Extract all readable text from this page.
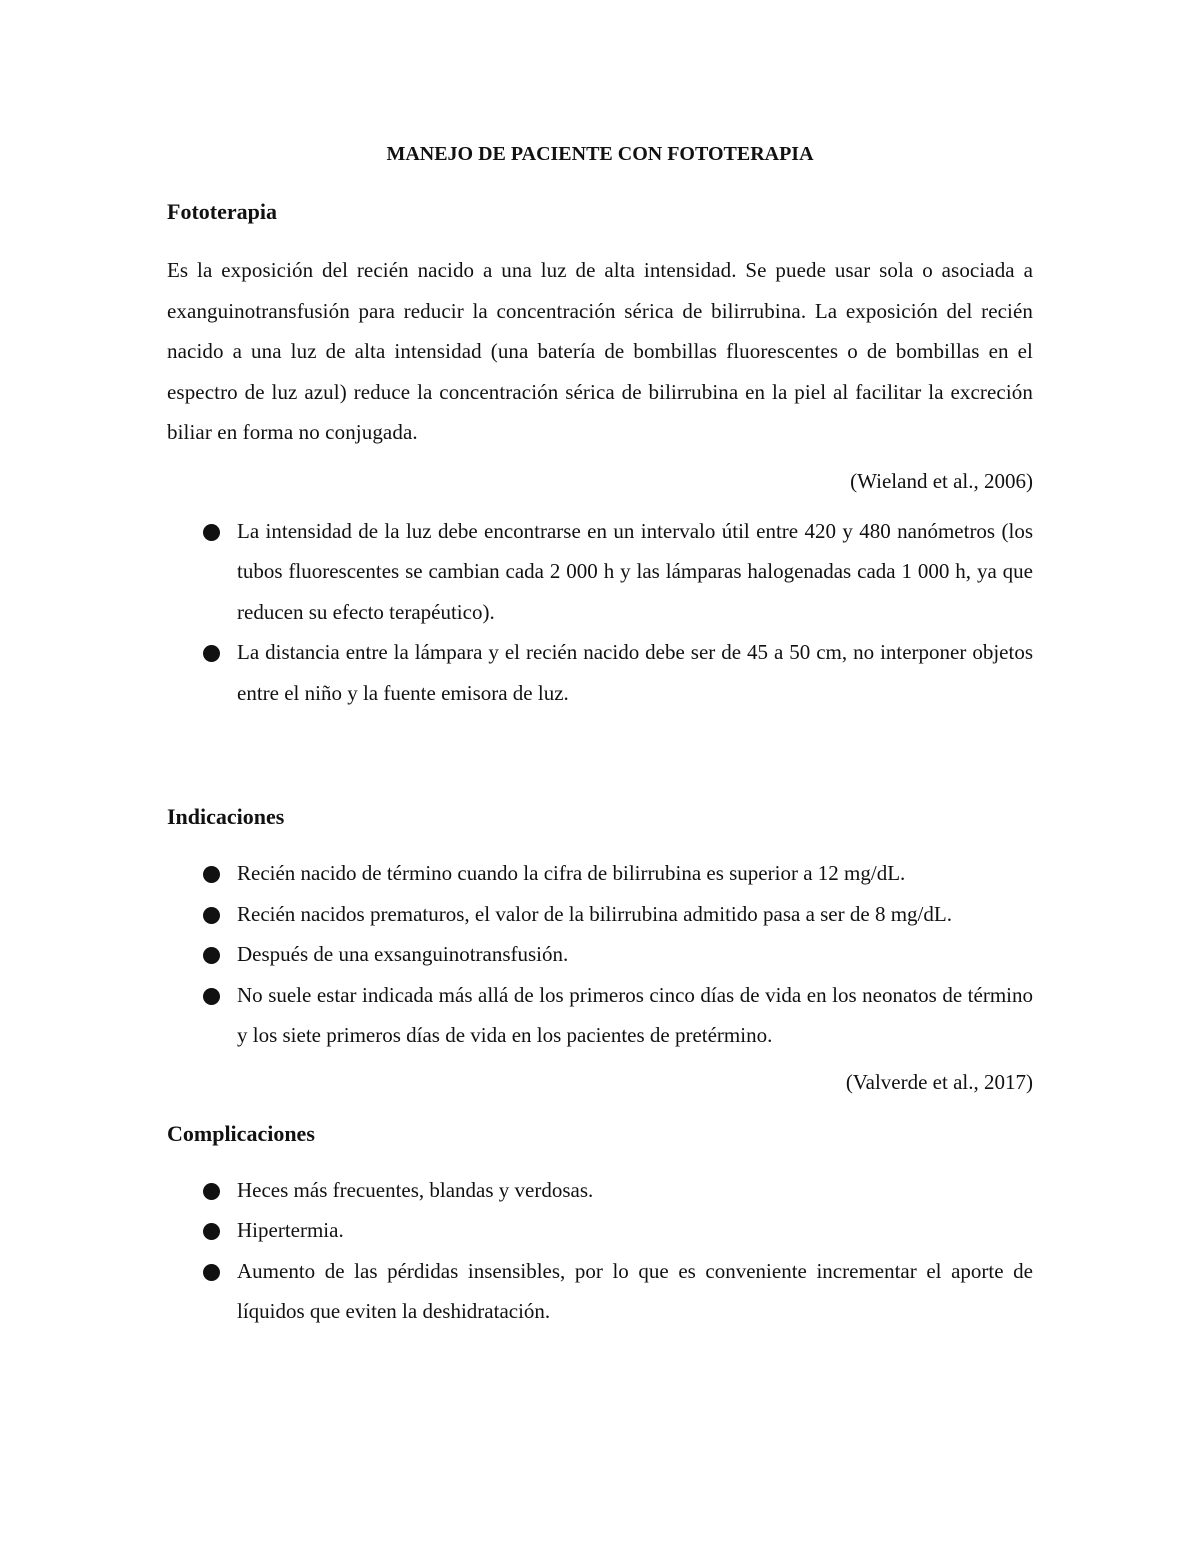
MANEJO DE PACIENTE CON FOTOTERAPIA
Fototerapia

Es la exposición del recién nacido a una luz de alta intensidad. Se puede usar sola o asociada a exanguinotransfusión para reducir la concentración sérica de bilirrubina. La exposición del recién nacido a una luz de alta intensidad (una batería de bombillas fluorescentes o de bombillas en el espectro de luz azul) reduce la concentración sérica de bilirrubina en la piel al facilitar la excreción biliar en forma no conjugada.

(Wieland et al., 2006)

La intensidad de la luz debe encontrarse en un intervalo útil entre 420 y 480 nanómetros (los tubos fluorescentes se cambian cada 2 000 h y las lámparas halogenadas cada 1 000 h, ya que reducen su efecto terapéutico).
La distancia entre la lámpara y el recién nacido debe ser de 45 a 50 cm, no interponer objetos entre el niño y la fuente emisora de luz.
Indicaciones
Recién nacido de término cuando la cifra de bilirrubina es superior a 12 mg/dL.
Recién nacidos prematuros, el valor de la bilirrubina admitido pasa a ser de 8 mg/dL.
Después de una exsanguinotransfusión.
No suele estar indicada más allá de los primeros cinco días de vida en los neonatos de término y los siete primeros días de vida en los pacientes de pretérmino.

(Valverde et al., 2017)

Complicaciones
Heces más frecuentes, blandas y verdosas.
Hipertermia.
Aumento de las pérdidas insensibles, por lo que es conveniente incrementar el aporte de líquidos que eviten la deshidratación.
